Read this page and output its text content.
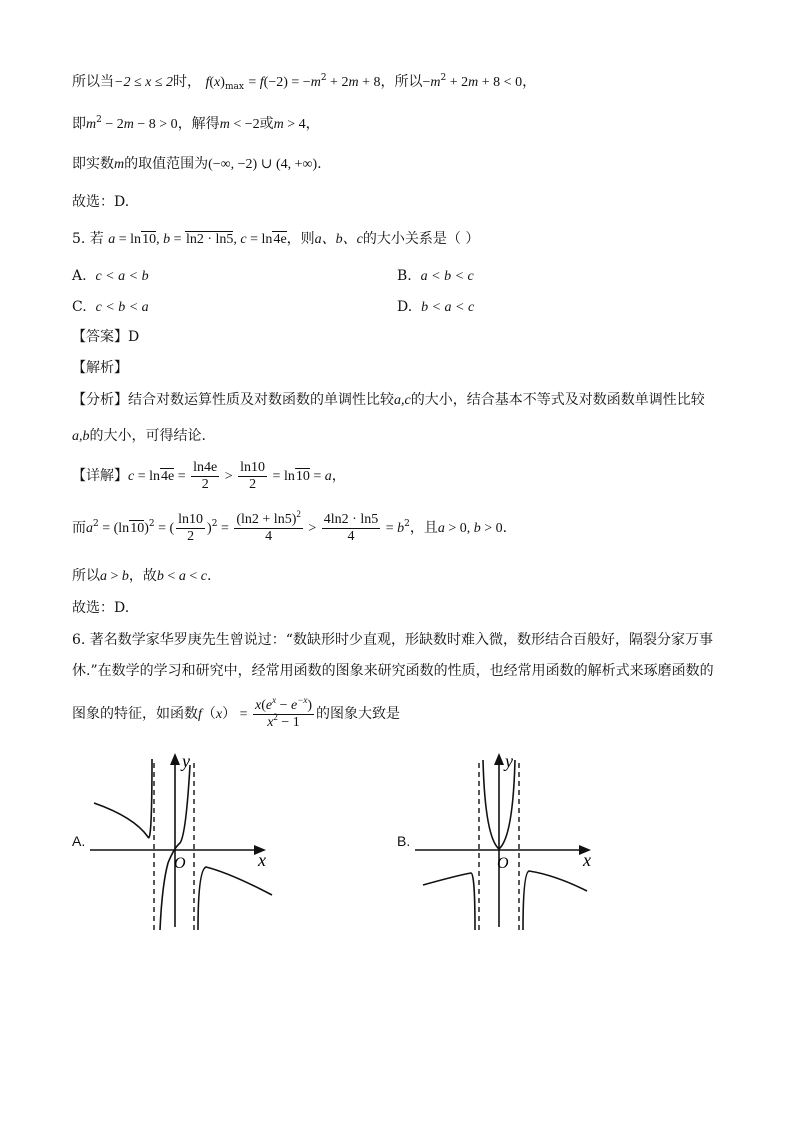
所以当−2 ≤ x ≤ 2时， $f(x)_{max} = f(-2) = -m^2 + 2m + 8$，所以$-m^2 + 2m + 8 < 0$，
即$m^2 - 2m - 8 > 0$，解得m < −2或m > 4，
即实数m的取值范围为(−∞, −2) ∪ (4, +∞).
故选：D.
5. 若 a = ln10, b = ln2 · ln5, c = ln4e，则a、b、c的大小关系是（ ）
A. c < a < b	B. a < b < c
C. c < b < a	D. b < a < c
【答案】D
【解析】
【分析】结合对数运算性质及对数函数的单调性比较a,c的大小，结合基本不等式及对数函数单调性比较
a,b的大小，可得结论.
【详解】$c = \ln 4e = \frac{\ln 4e}{2} > \frac{\ln 10}{2} = \ln 10 = a$，
而$a^2 = (\ln 10)^2$ = ( $\frac{\ln 10}{2} )^2 = \frac{(\ln 2 + \ln 5)^2}{4} > \frac{4\ln 2 \cdot \ln 5}{4} = b^2$，且a > 0, b > 0.
所以a > b，故b < a < c.
故选：D.
6. 著名数学家华罗庚先生曾说过：“数缺形时少直观，形缺数时难入微，数形结合百般好，隔裂分家万事
休.”在数学的学习和研究中，经常用函数的图象来研究函数的性质，也经常用函数的解析式来琢磨函数的
图象的特征，如函数$f(x) = \frac{x(e^x - e^{-x})}{x^2 - 1}$ 的图象大致是
A.
y
x
O
B.
y
x
O
